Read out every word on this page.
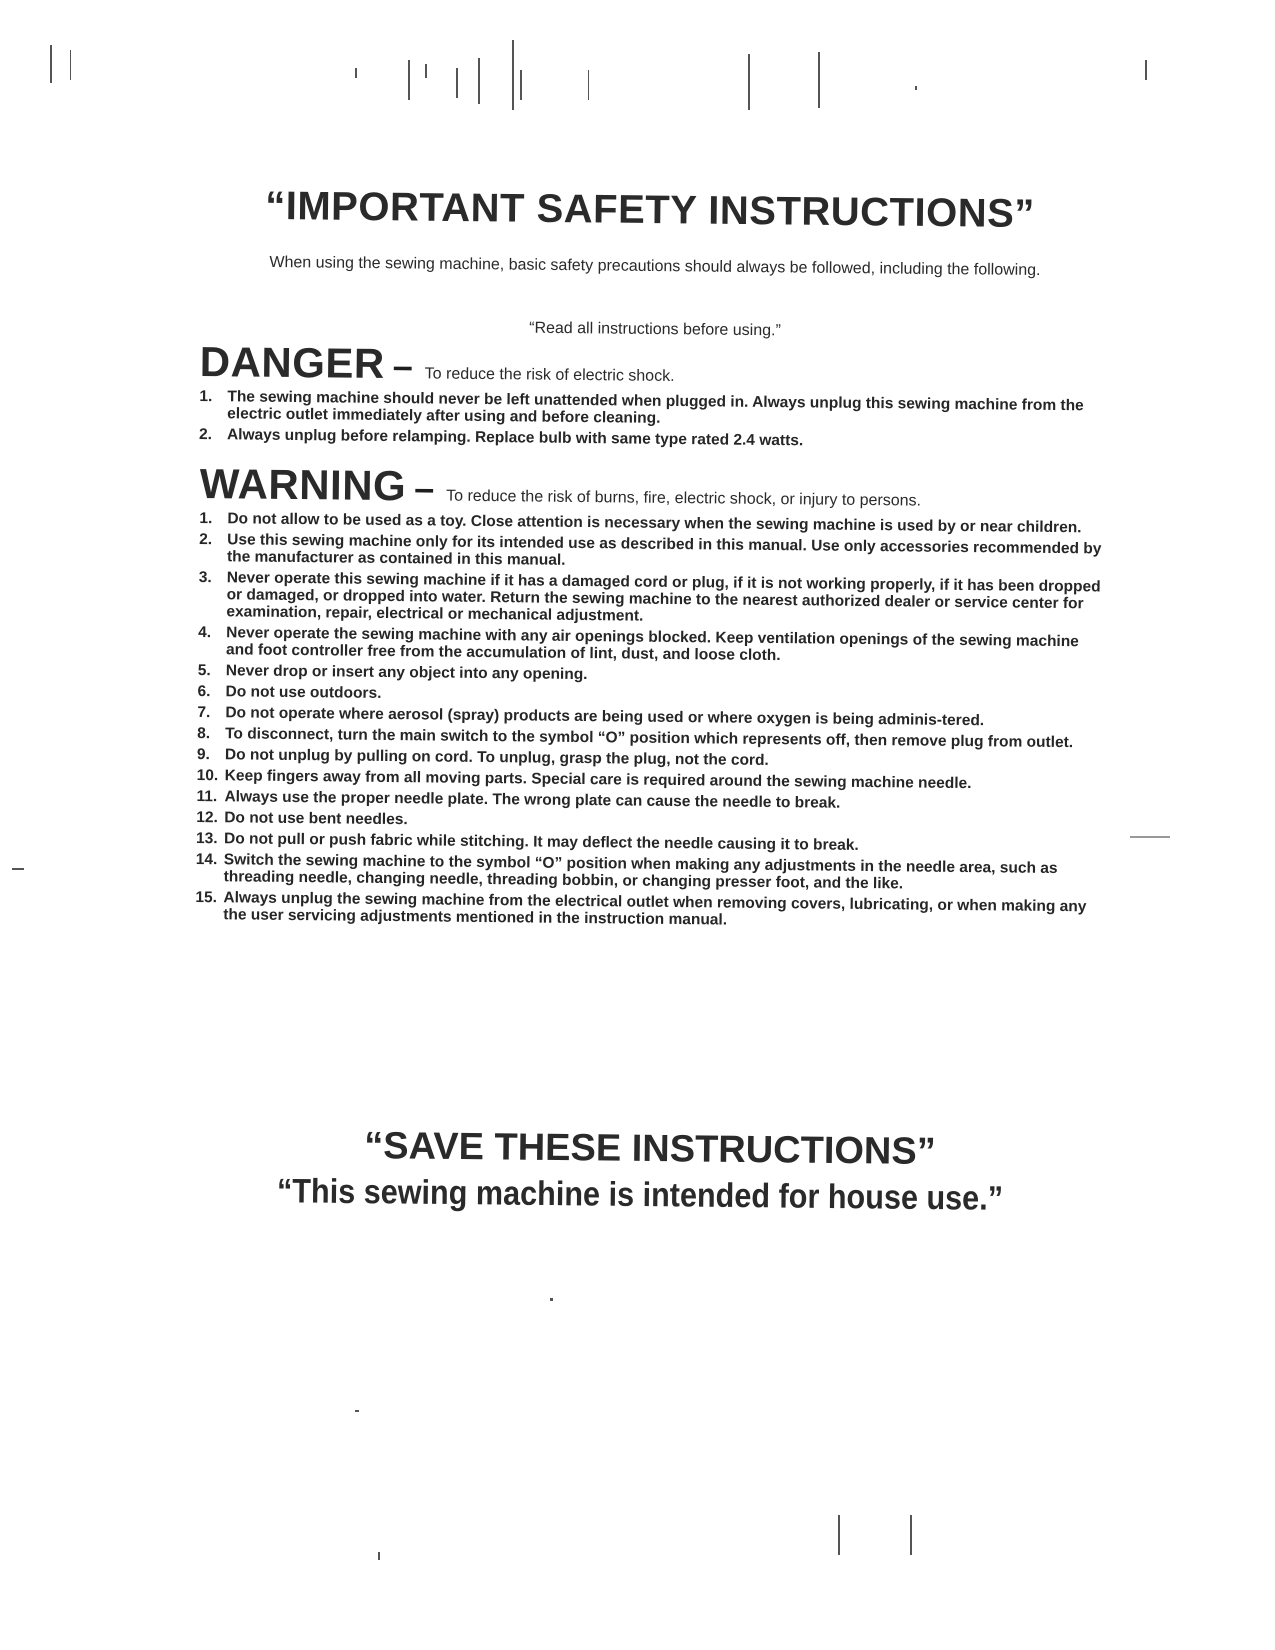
“IMPORTANT SAFETY INSTRUCTIONS”
When using the sewing machine, basic safety precautions should always be followed, including the following.
“Read all instructions before using.”
DANGER – To reduce the risk of electric shock.
1. The sewing machine should never be left unattended when plugged in. Always unplug this sewing machine from the electric outlet immediately after using and before cleaning.
2. Always unplug before relamping. Replace bulb with same type rated 2.4 watts.
WARNING – To reduce the risk of burns, fire, electric shock, or injury to persons.
1. Do not allow to be used as a toy. Close attention is necessary when the sewing machine is used by or near children.
2. Use this sewing machine only for its intended use as described in this manual. Use only accessories recommended by the manufacturer as contained in this manual.
3. Never operate this sewing machine if it has a damaged cord or plug, if it is not working properly, if it has been dropped or damaged, or dropped into water. Return the sewing machine to the nearest authorized dealer or service center for examination, repair, electrical or mechanical adjustment.
4. Never operate the sewing machine with any air openings blocked. Keep ventilation openings of the sewing machine and foot controller free from the accumulation of lint, dust, and loose cloth.
5. Never drop or insert any object into any opening.
6. Do not use outdoors.
7. Do not operate where aerosol (spray) products are being used or where oxygen is being adminis-tered.
8. To disconnect, turn the main switch to the symbol “O” position which represents off, then remove plug from outlet.
9. Do not unplug by pulling on cord. To unplug, grasp the plug, not the cord.
10. Keep fingers away from all moving parts. Special care is required around the sewing machine needle.
11. Always use the proper needle plate. The wrong plate can cause the needle to break.
12. Do not use bent needles.
13. Do not pull or push fabric while stitching. It may deflect the needle causing it to break.
14. Switch the sewing machine to the symbol “O” position when making any adjustments in the needle area, such as threading needle, changing needle, threading bobbin, or changing presser foot, and the like.
15. Always unplug the sewing machine from the electrical outlet when removing covers, lubricating, or when making any the user servicing adjustments mentioned in the instruction manual.
“SAVE THESE INSTRUCTIONS”
“This sewing machine is intended for house use.”
